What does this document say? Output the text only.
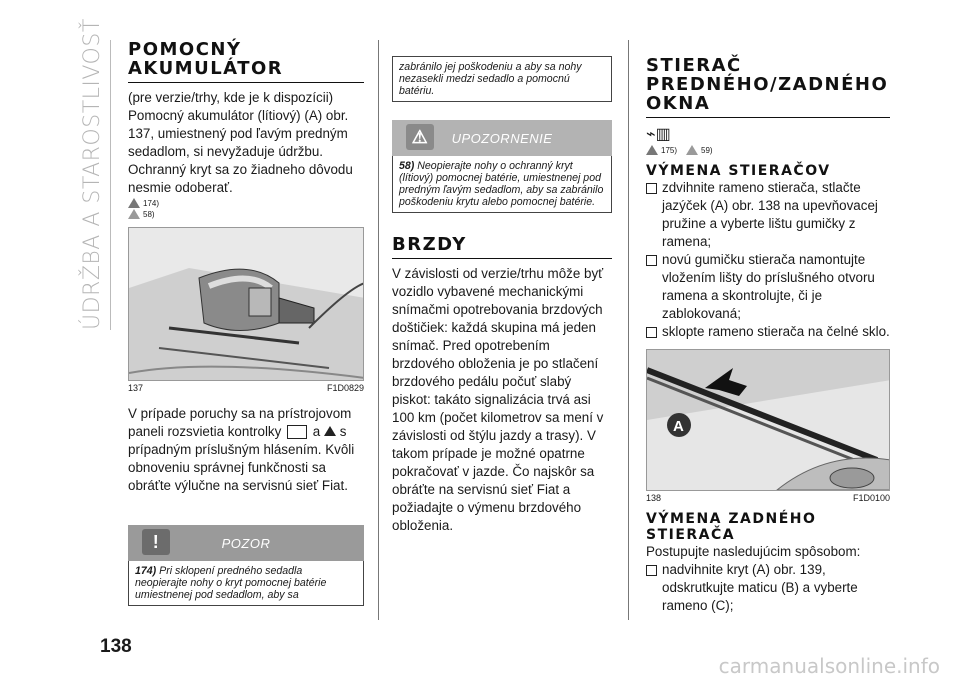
ÚDRŽBA A STAROSTLIVOSŤ POMOCNÝ
AKUMULÁTOR

(pre verzie/trhy, kde je k dispozícii) Pomocný akumulátor (lítiový) (A) obr. 137, umiestnený pod ľavým predným sedadlom, si nevyžaduje údržbu. Ochranný kryt sa zo žiadneho dôvodu nesmie odoberať.

174)
58)
137	F1D0829

V prípade poruchy sa na prístrojovom paneli rozsvietia kontrolky a s prípadným príslušným hlásením. Kvôli obnoveniu správnej funkčnosti sa obráťte výlučne na servisnú sieť Fiat.

!	POZOR
174) Pri sklopení predného sedadla neopierajte nohy o kryt pomocnej batérie umiestnenej pod sedadlom, aby sa
zabránilo jej poškodeniu a aby sa nohy nezasekli medzi sedadlo a pomocnú batériu.
⚠	UPOZORNENIE
58) Neopierajte nohy o ochranný kryt (lítiový) pomocnej batérie, umiestnenej pod predným ľavým sedadlom, aby sa zabránilo poškodeniu krytu alebo pomocnej batérie.
BRZDY

V závislosti od verzie/trhu môže byť vozidlo vybavené mechanickými snímačmi opotrebovania brzdových doštičiek: každá skupina má jeden snímač. Pred opotrebením brzdového obloženia je po stlačení brzdového pedálu počuť slabý piskot: takáto signalizácia trvá asi 100 km (počet kilometrov sa mení v závislosti od štýlu jazdy a trasy). V takom prípade je možné opatrne pokračovať v jazde. Čo najskôr sa obráťte na servisnú sieť Fiat a požiadajte o výmenu brzdového obloženia.

STIERAČ
PREDNÉHO/ZADNÉHO
OKNA
⌁▥
175)	59)
VÝMENA STIERAČOV
zdvihnite rameno stierača, stlačte jazýček (A) obr. 138 na upevňovacej pružine a vyberte lištu gumičky z ramena;
novú gumičku stierača namontujte vložením lišty do príslušného otvoru ramena a skontrolujte, či je zablokovaná;
sklopte rameno stierača na čelné sklo.
A
138	F1D0100
VÝMENA ZADNÉHO
STIERAČA

Postupujte nasledujúcim spôsobom:

nadvihnite kryt (A) obr. 139, odskrutkujte maticu (B) a vyberte rameno (C);
138
carmanualsonline.info
